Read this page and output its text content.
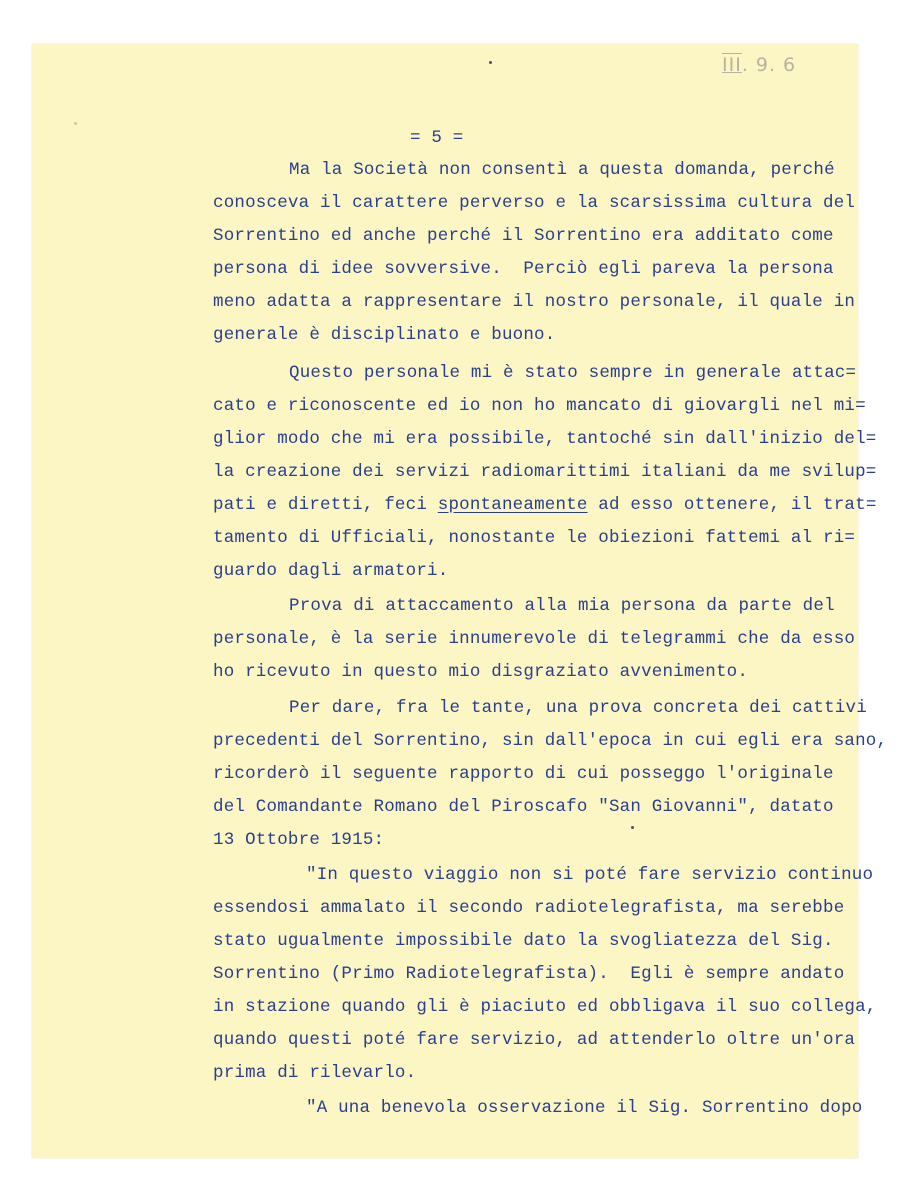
III. 9. 6
= 5 =
Ma la Società non consentì a questa domanda, perché
conosceva il carattere perverso e la scarsissima cultura del
Sorrentino ed anche perché il Sorrentino era additato come
persona di idee sovversive.  Perciò egli pareva la persona
meno adatta a rappresentare il nostro personale, il quale in
generale è disciplinato e buono.
Questo personale mi è stato sempre in generale attac=
cato e riconoscente ed io non ho mancato di giovargli nel mi=
glior modo che mi era possibile, tantoché sin dall'inizio del=
la creazione dei servizi radiomarittimi italiani da me svilup=
pati e diretti, feci spontaneamente ad esso ottenere, il trat=
tamento di Ufficiali, nonostante le obiezioni fattemi al ri=
guardo dagli armatori.
Prova di attaccamento alla mia persona da parte del
personale, è la serie innumerevole di telegrammi che da esso
ho ricevuto in questo mio disgraziato avvenimento.
Per dare, fra le tante, una prova concreta dei cattivi
precedenti del Sorrentino, sin dall'epoca in cui egli era sano,
ricorderò il seguente rapporto di cui posseggo l'originale
del Comandante Romano del Piroscafo "San Giovanni", datato
13 Ottobre 1915:
"In questo viaggio non si poté fare servizio continuo
essendosi ammalato il secondo radiotelegrafista, ma serebbe
stato ugualmente impossibile dato la svogliatezza del Sig.
Sorrentino (Primo Radiotelegrafista).  Egli è sempre andato
in stazione quando gli è piaciuto ed obbligava il suo collega,
quando questi poté fare servizio, ad attenderlo oltre un'ora
prima di rilevarlo.
"A una benevola osservazione il Sig. Sorrentino dopo
